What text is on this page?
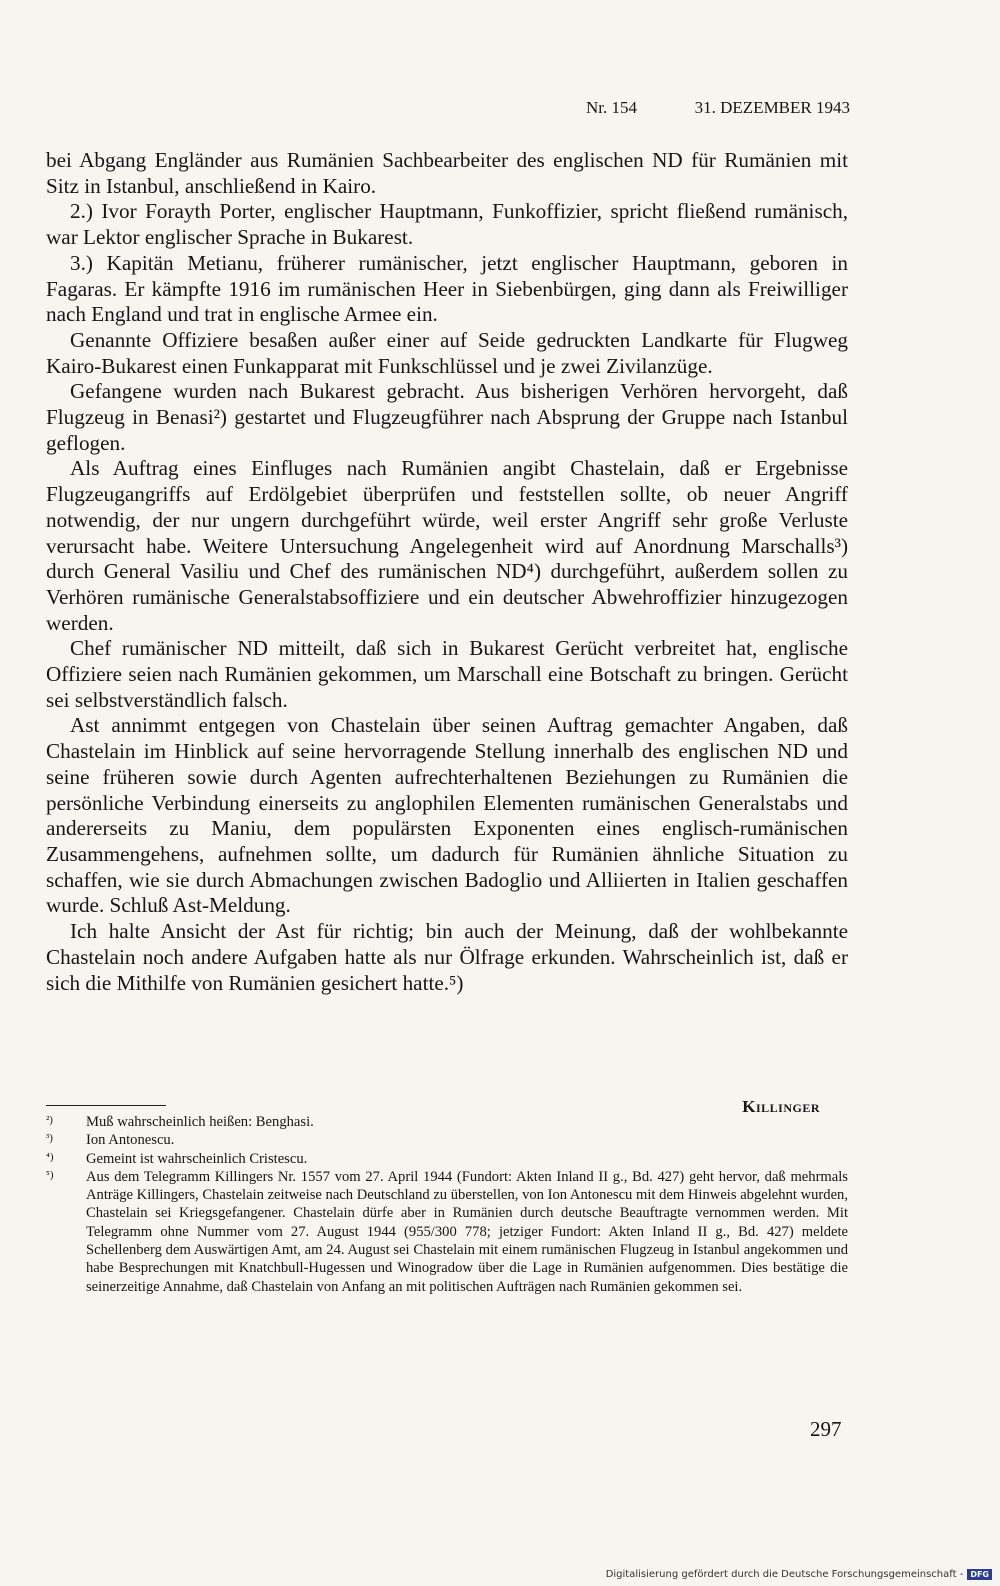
Nr. 154	31. DEZEMBER 1943

bei Abgang Engländer aus Rumänien Sachbearbeiter des englischen ND für Rumänien mit Sitz in Istanbul, anschließend in Kairo.

2.) Ivor Forayth Porter, englischer Hauptmann, Funkoffizier, spricht fließend rumänisch, war Lektor englischer Sprache in Bukarest.

3.) Kapitän Metianu, früherer rumänischer, jetzt englischer Hauptmann, geboren in Fagaras. Er kämpfte 1916 im rumänischen Heer in Siebenbürgen, ging dann als Freiwilliger nach England und trat in englische Armee ein.

Genannte Offiziere besaßen außer einer auf Seide gedruckten Landkarte für Flugweg Kairo-Bukarest einen Funkapparat mit Funkschlüssel und je zwei Zivilanzüge.

Gefangene wurden nach Bukarest gebracht. Aus bisherigen Verhören hervorgeht, daß Flugzeug in Benasi²) gestartet und Flugzeugführer nach Absprung der Gruppe nach Istanbul geflogen.

Als Auftrag eines Einfluges nach Rumänien angibt Chastelain, daß er Ergebnisse Flugzeugangriffs auf Erdölgebiet überprüfen und feststellen sollte, ob neuer Angriff notwendig, der nur ungern durchgeführt würde, weil erster Angriff sehr große Verluste verursacht habe. Weitere Untersuchung Angelegenheit wird auf Anordnung Marschalls³) durch General Vasiliu und Chef des rumänischen ND⁴) durchgeführt, außerdem sollen zu Verhören rumänische Generalstabsoffiziere und ein deutscher Abwehroffizier hinzugezogen werden.

Chef rumänischer ND mitteilt, daß sich in Bukarest Gerücht verbreitet hat, englische Offiziere seien nach Rumänien gekommen, um Marschall eine Botschaft zu bringen. Gerücht sei selbstverständlich falsch.

Ast annimmt entgegen von Chastelain über seinen Auftrag gemachter Angaben, daß Chastelain im Hinblick auf seine hervorragende Stellung innerhalb des englischen ND und seine früheren sowie durch Agenten aufrechterhaltenen Beziehungen zu Rumänien die persönliche Verbindung einerseits zu anglophilen Elementen rumänischen Generalstabs und andererseits zu Maniu, dem populärsten Exponenten eines englisch-rumänischen Zusammengehens, aufnehmen sollte, um dadurch für Rumänien ähnliche Situation zu schaffen, wie sie durch Abmachungen zwischen Badoglio und Alliierten in Italien geschaffen wurde. Schluß Ast-Meldung.

Ich halte Ansicht der Ast für richtig; bin auch der Meinung, daß der wohlbekannte Chastelain noch andere Aufgaben hatte als nur Ölfrage erkunden. Wahrscheinlich ist, daß er sich die Mithilfe von Rumänien gesichert hatte.⁵)

Killinger
²)	Muß wahrscheinlich heißen: Benghasi.
³)	Ion Antonescu.
⁴)	Gemeint ist wahrscheinlich Cristescu.
⁵)	Aus dem Telegramm Killingers Nr. 1557 vom 27. April 1944 (Fundort: Akten Inland II g., Bd. 427) geht hervor, daß mehrmals Anträge Killingers, Chastelain zeitweise nach Deutschland zu überstellen, von Ion Antonescu mit dem Hinweis abgelehnt wurden, Chastelain sei Kriegsgefangener. Chastelain dürfe aber in Rumänien durch deutsche Beauftragte vernommen werden. Mit Telegramm ohne Nummer vom 27. August 1944 (955/300 778; jetziger Fundort: Akten Inland II g., Bd. 427) meldete Schellenberg dem Auswärtigen Amt, am 24. August sei Chastelain mit einem rumänischen Flugzeug in Istanbul angekommen und habe Besprechungen mit Knatchbull-Hugessen und Winogradow über die Lage in Rumänien aufgenommen. Dies bestätige die seinerzeitige Annahme, daß Chastelain von Anfang an mit politischen Aufträgen nach Rumänien gekommen sei.
297
Digitalisierung gefördert durch die Deutsche Forschungsgemeinschaft - DFG
